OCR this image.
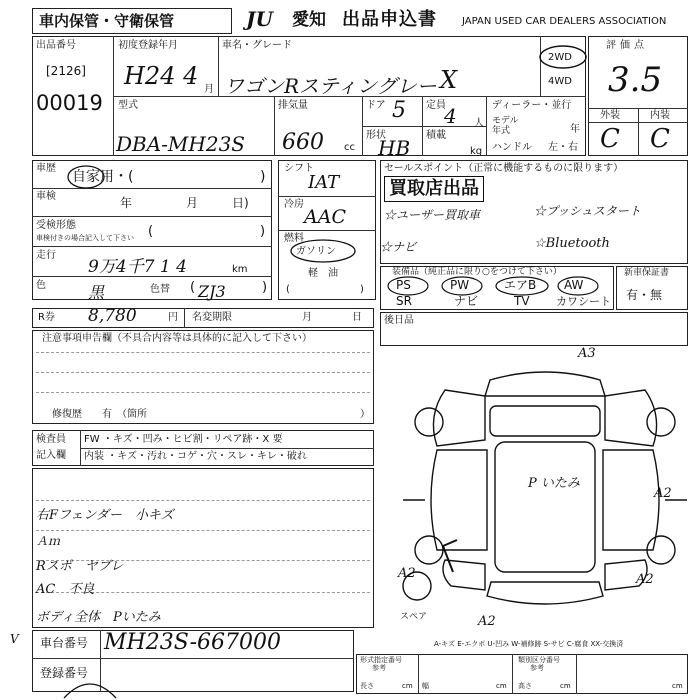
車内保管・守衛保管	JU	愛知 出品申込書	JAPAN USED CAR DEALERS ASSOCIATION
出品番号
[2126]
00019
初度登録年月
H24 4 月
車名・グレード
ワゴンRスティングレー X
2WD
4WD
型式
DBA-MH23S
排気量
660 cc
ドア 5 定員
4 人
形状
HB
積載
kg
ディーラー・並行
モデル
年式	年
ハンドル 左・右
評価点
3.5
外装	内装
C C
車歴
自家用・(	)
車検	年	月	日)
受検形態
車検付きの場合記入して下さい (	)
走行
9万4千7 1 4	km
色	黒	色替 ( ZJ3	)
シフト
IAT
冷房
AAC
燃料
ガソリン
軽　油
(	)
セールスポイント（正常に機能するものに限ります）
買取店出品
☆ユーザー買取車	☆プッシュスタート
☆ナビ	☆Bluetooth
装備品（純正品に限り○をつけて下さい）
PS	PW	エアB AW
SR	ナビ	TV カワシート
新車保証書
有・無
R券 8,780	円 名変期限	月	日 後日品
注意事項申告欄（不具合内容等は具体的に記入して下さい）
修復歴　　有　（箇所	）
検査員
記入欄
FW ・キズ・凹み・ヒビ割・リペア跡・X 要
内装 ・キズ・汚れ・コゲ・穴・スレ・キレ・破れ
右Fフェンダー　小キズ
Ａｍ
Rスポ　ヤブレ
AC　不良
ボディ全体　Pいたみ
A3
A2
A2	A2
A2
P いたみ
スペア
A-キズ E-エクボ U-凹み W-補修跡 S-サビ C-腐食 XX-交換済
車台番号 MH23S-667000
登録番号
V
形式指定番号
参考
類別区分番号
参考
長さ	cm 幅	cm 高さ	cm	cm
